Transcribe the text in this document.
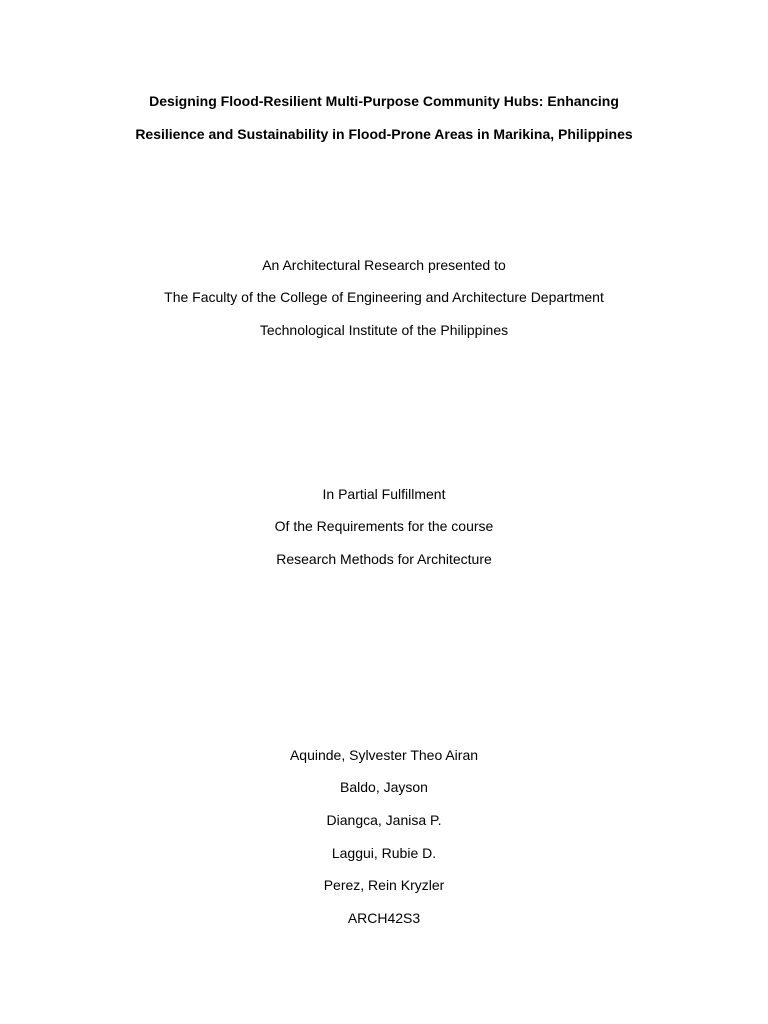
Designing Flood-Resilient Multi-Purpose Community Hubs: Enhancing
Resilience and Sustainability in Flood-Prone Areas in Marikina, Philippines
An Architectural Research presented to
The Faculty of the College of Engineering and Architecture Department
Technological Institute of the Philippines
In Partial Fulfillment
Of the Requirements for the course
Research Methods for Architecture
Aquinde, Sylvester Theo Airan
Baldo, Jayson
Diangca, Janisa P.
Laggui, Rubie D.
Perez, Rein Kryzler
ARCH42S3
